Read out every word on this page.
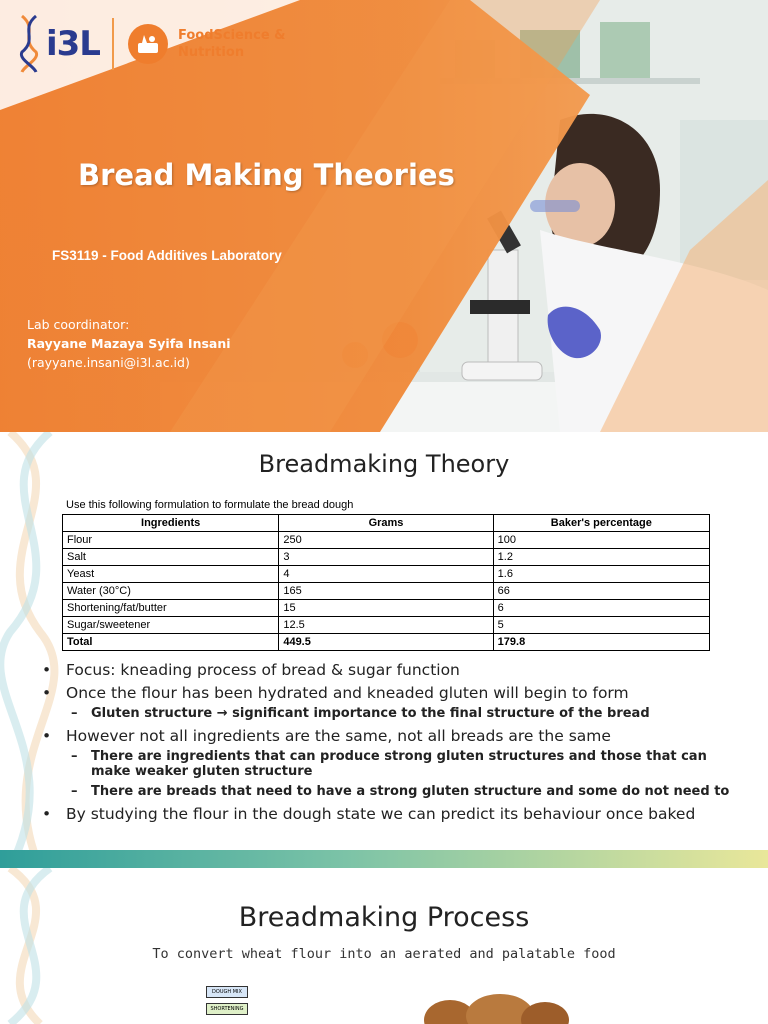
i3L	FoodScience &
Nutrition
Bread Making Theories
FS3119 - Food Additives Laboratory
Lab coordinator:
Rayyane Mazaya Syifa Insani
(rayyane.insani@i3l.ac.id)
Breadmaking Theory
Use this following formulation to formulate the bread dough
Ingredients	Grams	Baker's percentage
Flour	250	100
Salt	3	1.2
Yeast	4	1.6
Water (30°C)	165	66
Shortening/fat/butter	15	6
Sugar/sweetener	12.5	5
Total	449.5	179.8
• Focus: kneading process of bread & sugar function
• Once the flour has been hydrated and kneaded gluten will begin to form
– Gluten structure → significant importance to the final structure of the bread
• However not all ingredients are the same, not all breads are the same
– There are ingredients that can produce strong gluten structures and those that can make weaker gluten structure
– There are breads that need to have a strong gluten structure and some do not need to
• By studying the flour in the dough state we can predict its behaviour once baked
Breadmaking Process
To convert wheat flour into an aerated and palatable food
DOUGH MIX
SHORTENING
